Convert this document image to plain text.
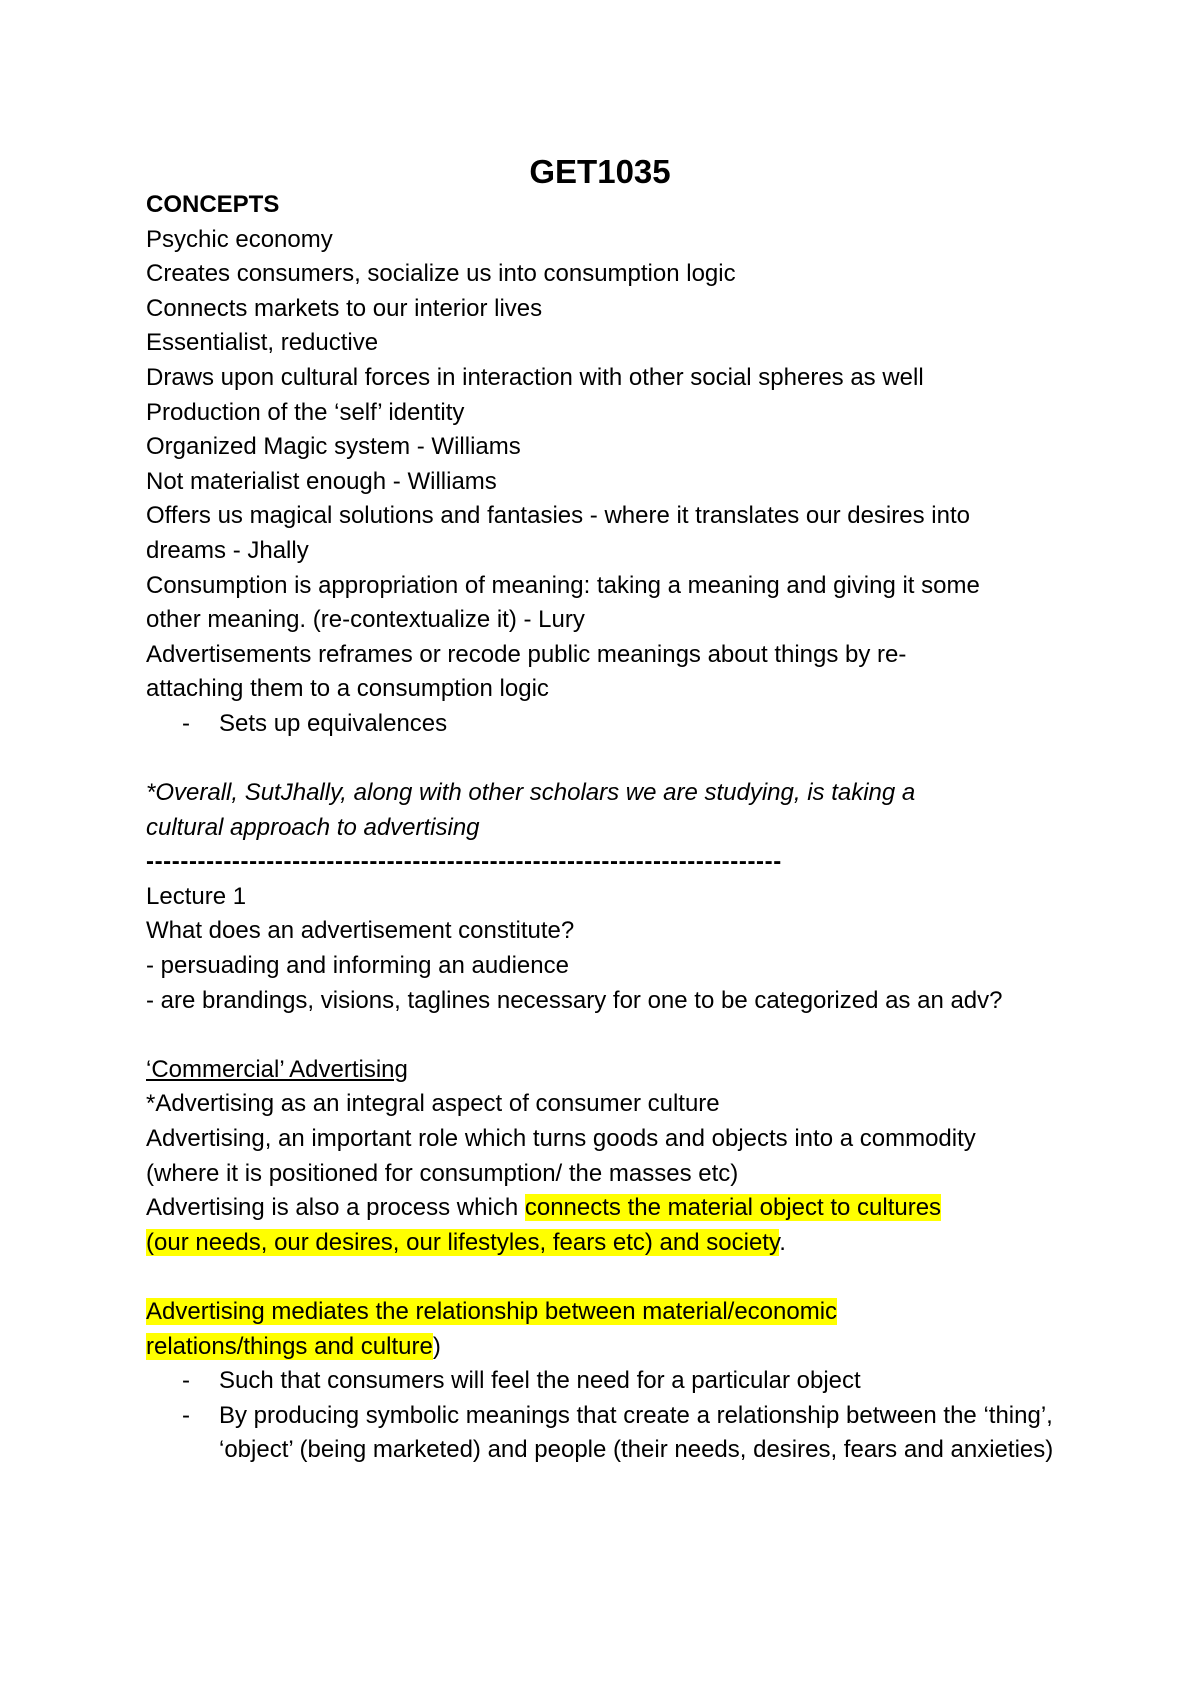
GET1035
CONCEPTS
Psychic economy
Creates consumers, socialize us into consumption logic
Connects markets to our interior lives
Essentialist, reductive
Draws upon cultural forces in interaction with other social spheres as well
Production of the ‘self’ identity
Organized Magic system - Williams
Not materialist enough - Williams
Offers us magical solutions and fantasies - where it translates our desires into
dreams - Jhally
Consumption is appropriation of meaning: taking a meaning and giving it some
other meaning. (re-contextualize it) - Lury
Advertisements reframes or recode public meanings about things by re-
attaching them to a consumption logic
- Sets up equivalences
*Overall, SutJhally, along with other scholars we are studying, is taking a
cultural approach to advertising
--------------------------------------------------------------------------
Lecture 1
What does an advertisement constitute?
- persuading and informing an audience
- are brandings, visions, taglines necessary for one to be categorized as an adv?
‘Commercial’ Advertising
*Advertising as an integral aspect of consumer culture
Advertising, an important role which turns goods and objects into a commodity
(where it is positioned for consumption/ the masses etc)
Advertising is also a process which connects the material object to cultures
(our needs, our desires, our lifestyles, fears etc) and society.
Advertising mediates the relationship between material/economic
relations/things and culture)
- Such that consumers will feel the need for a particular object
- By producing symbolic meanings that create a relationship between the ‘thing’, ‘object’ (being marketed) and people (their needs, desires, fears and anxieties)
